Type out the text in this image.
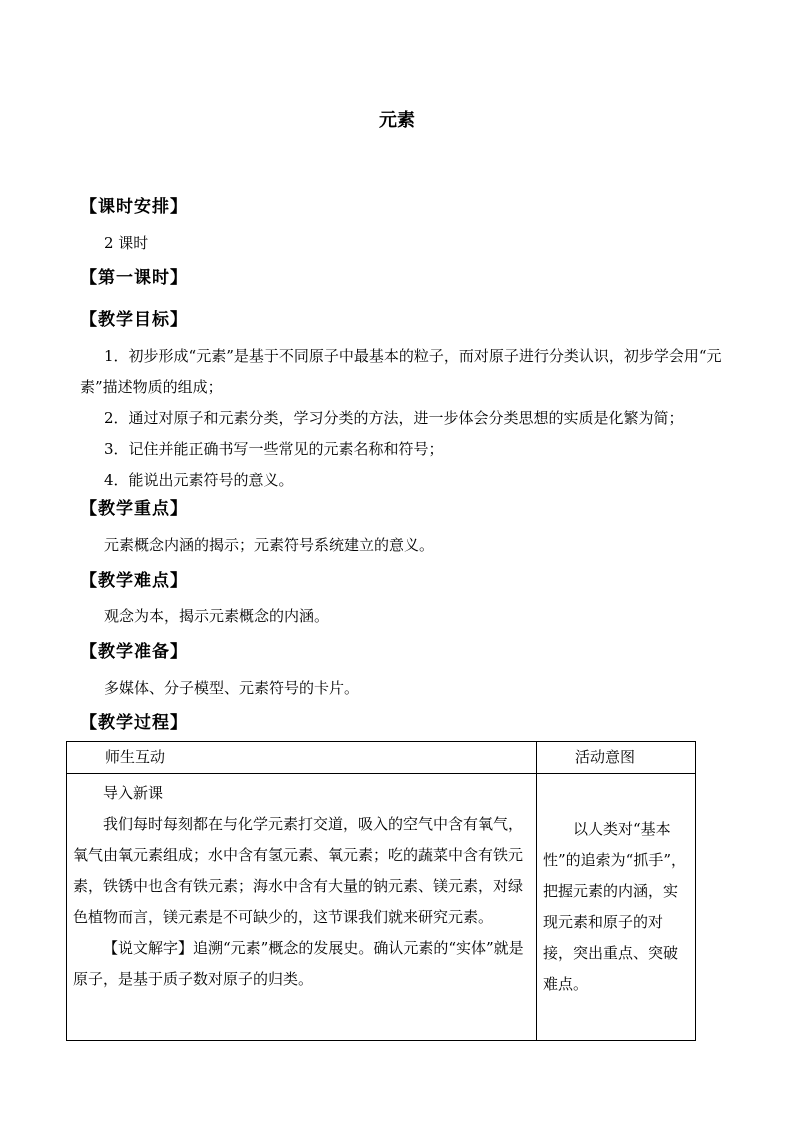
元素
【课时安排】
2 课时
【第一课时】
【教学目标】
1．初步形成“元素”是基于不同原子中最基本的粒子，而对原子进行分类认识，初步学会用“元素”描述物质的组成；
2．通过对原子和元素分类，学习分类的方法，进一步体会分类思想的实质是化繁为简；
3．记住并能正确书写一些常见的元素名称和符号；
4．能说出元素符号的意义。
【教学重点】
元素概念内涵的揭示；元素符号系统建立的意义。
【教学难点】
观念为本，揭示元素概念的内涵。
【教学准备】
多媒体、分子模型、元素符号的卡片。
【教学过程】
师生互动	活动意图

导入新课
我们每时每刻都在与化学元素打交道，吸入的空气中含有氧气，氧气由氧元素组成；水中含有氢元素、氧元素；吃的蔬菜中含有铁元素，铁锈中也含有铁元素；海水中含有大量的钠元素、镁元素，对绿色植物而言，镁元素是不可缺少的，这节课我们就来研究元素。
【说文解字】追溯“元素”概念的发展史。确认元素的“实体”就是原子，是基于质子数对原子的归类。	以人类对“基本性”的追索为“抓手”，把握元素的内涵，实现元素和原子的对接，突出重点、突破难点。
